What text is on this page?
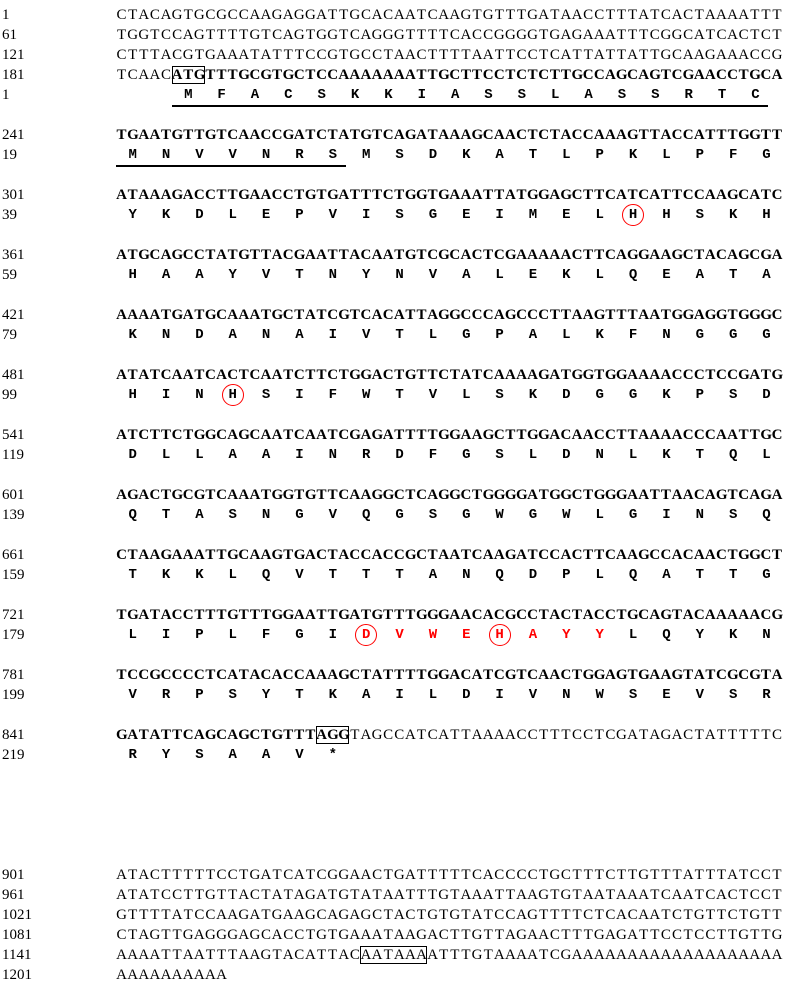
1	C TACAGTGCGCCAAGAGGAT TGCACAAT CAAGTGT T TGATAACC T T TAT CAC TAAAAT T T
61	TGGT CCAGT T T TGT CAGTGGT CAGGGT T T T CACCGGGGTGAGAAAT T T CGGCAT CAC T C T
121	C T T TACGTGAAATAT T T CCGTGCC TAAC T T T TAAT T CC T CAT TAT TAT TGCAAGAAACCG
181	T CAACATGTTTGCGTGCTCCAAAAAAATTGCTTCCTCTCTTGCCAGCAGTCGAACCTGCA
1	M	F	A	C	S	K	K	I	A	S	S	L	A	S	S	R	T	C
241	TGAATGTTGTCAACCGATCTATGTCAGATAAAGCAACTCTACCAAAGTTACCATTTGGTT
19	M	N	V	V	N	R	S	M	S	D	K	A	T	L	P	K	L	P	F	G
301	ATAAAGACCTTGAACCTGTGATTTCTGGTGAAATTATGGAGCTTCATCATTCCAAGCATC
39	Y	K	D	L	E	P	V	I	S	G	E	I	M	E	L	H	H	S	K	H
361	ATGCAGCCTATGTTACGAATTACAATGTCGCACTCGAAAAACTTCAGGAAGCTACAGCGA
59	H	A	A	Y	V	T	N	Y	N	V	A	L	E	K	L	Q	E	A	T	A
421	AAAATGATGCAAATGCTATCGTCACATTAGGCCCAGCCCTTAAGTTTAATGGAGGTGGGC
79	K	N	D	A	N	A	I	V	T	L	G	P	A	L	K	F	N	G	G	G
481	ATATCAATCACTCAATCTTCTGGACTGTTCTATCAAAAGATGGTGGAAAACCCTCCGATG
99	H	I	N	H	S	I	F	W	T	V	L	S	K	D	G	G	K	P	S	D
541	ATCTTCTGGCAGCAATCAATCGAGATTTTGGAAGCTTGGACAACCTTAAAACCCAATTGC
119	D	L	L	A	A	I	N	R	D	F	G	S	L	D	N	L	K	T	Q	L
601	AGACTGCGTCAAATGGTGTTCAAGGCTCAGGCTGGGGATGGCTGGGAATTAACAGTCAGA
139	Q	T	A	S	N	G	V	Q	G	S	G	W	G	W	L	G	I	N	S	Q
661	CTAAGAAATTGCAAGTGACTACCACCGCTAATCAAGATCCACTTCAAGCCACAACTGGCT
159	T	K	K	L	Q	V	T	T	T	A	N	Q	D	P	L	Q	A	T	T	G
721	TGATACCTTTGTTTGGAATTGATGTTTGGGAACACGCCTACTACCTGCAGTACAAAAACG
179	L	I	P	L	F	G	I	D	V	W	E	H	A	Y	Y	L	Q	Y	K	N
781	TCCGCCCCTCATACACCAAAGCTATTTTGGACATCGTCAACTGGAGTGAAGTATCGCGTA
199	V	R	P	S	Y	T	K	A	I	L	D	I	V	N	W	S	E	V	S	R
841	GATATTCAGCAGCTGTTTAGGTAGCCAT CAT TAAAACC T T T CC T CGATAGAC TAT T T T T C
219	R	Y	S	A	A	V	*
901	ATAC T T T T T CC TGAT CAT CGGAAC TGAT T T T T CACCCC TGC T T T C T TGT T TAT T TAT CC T
961	ATAT CC T TGT TAC TATAGATGTATAAT T TGTAAAT TAAGTGTAATAAAT CAAT CAC T CC T
1021	GT T T TAT CCAAGATGAAGCAGAGC TAC TGTGTAT CCAGT T T T C T CACAAT C TGT T C TGT T
1081	C TAGT TGAGGGAGCACC TGTGAAATAAGAC T TGT TAGAAC T T TGAGAT T CC T CC T TGT TG
1141	AAAAT TAAT T TAAGTACAT TACAATAAAAT T TGTAAAAT CGAAAAAAAAAAAAAAAAAAA
1201	AAAAAAAAAA
